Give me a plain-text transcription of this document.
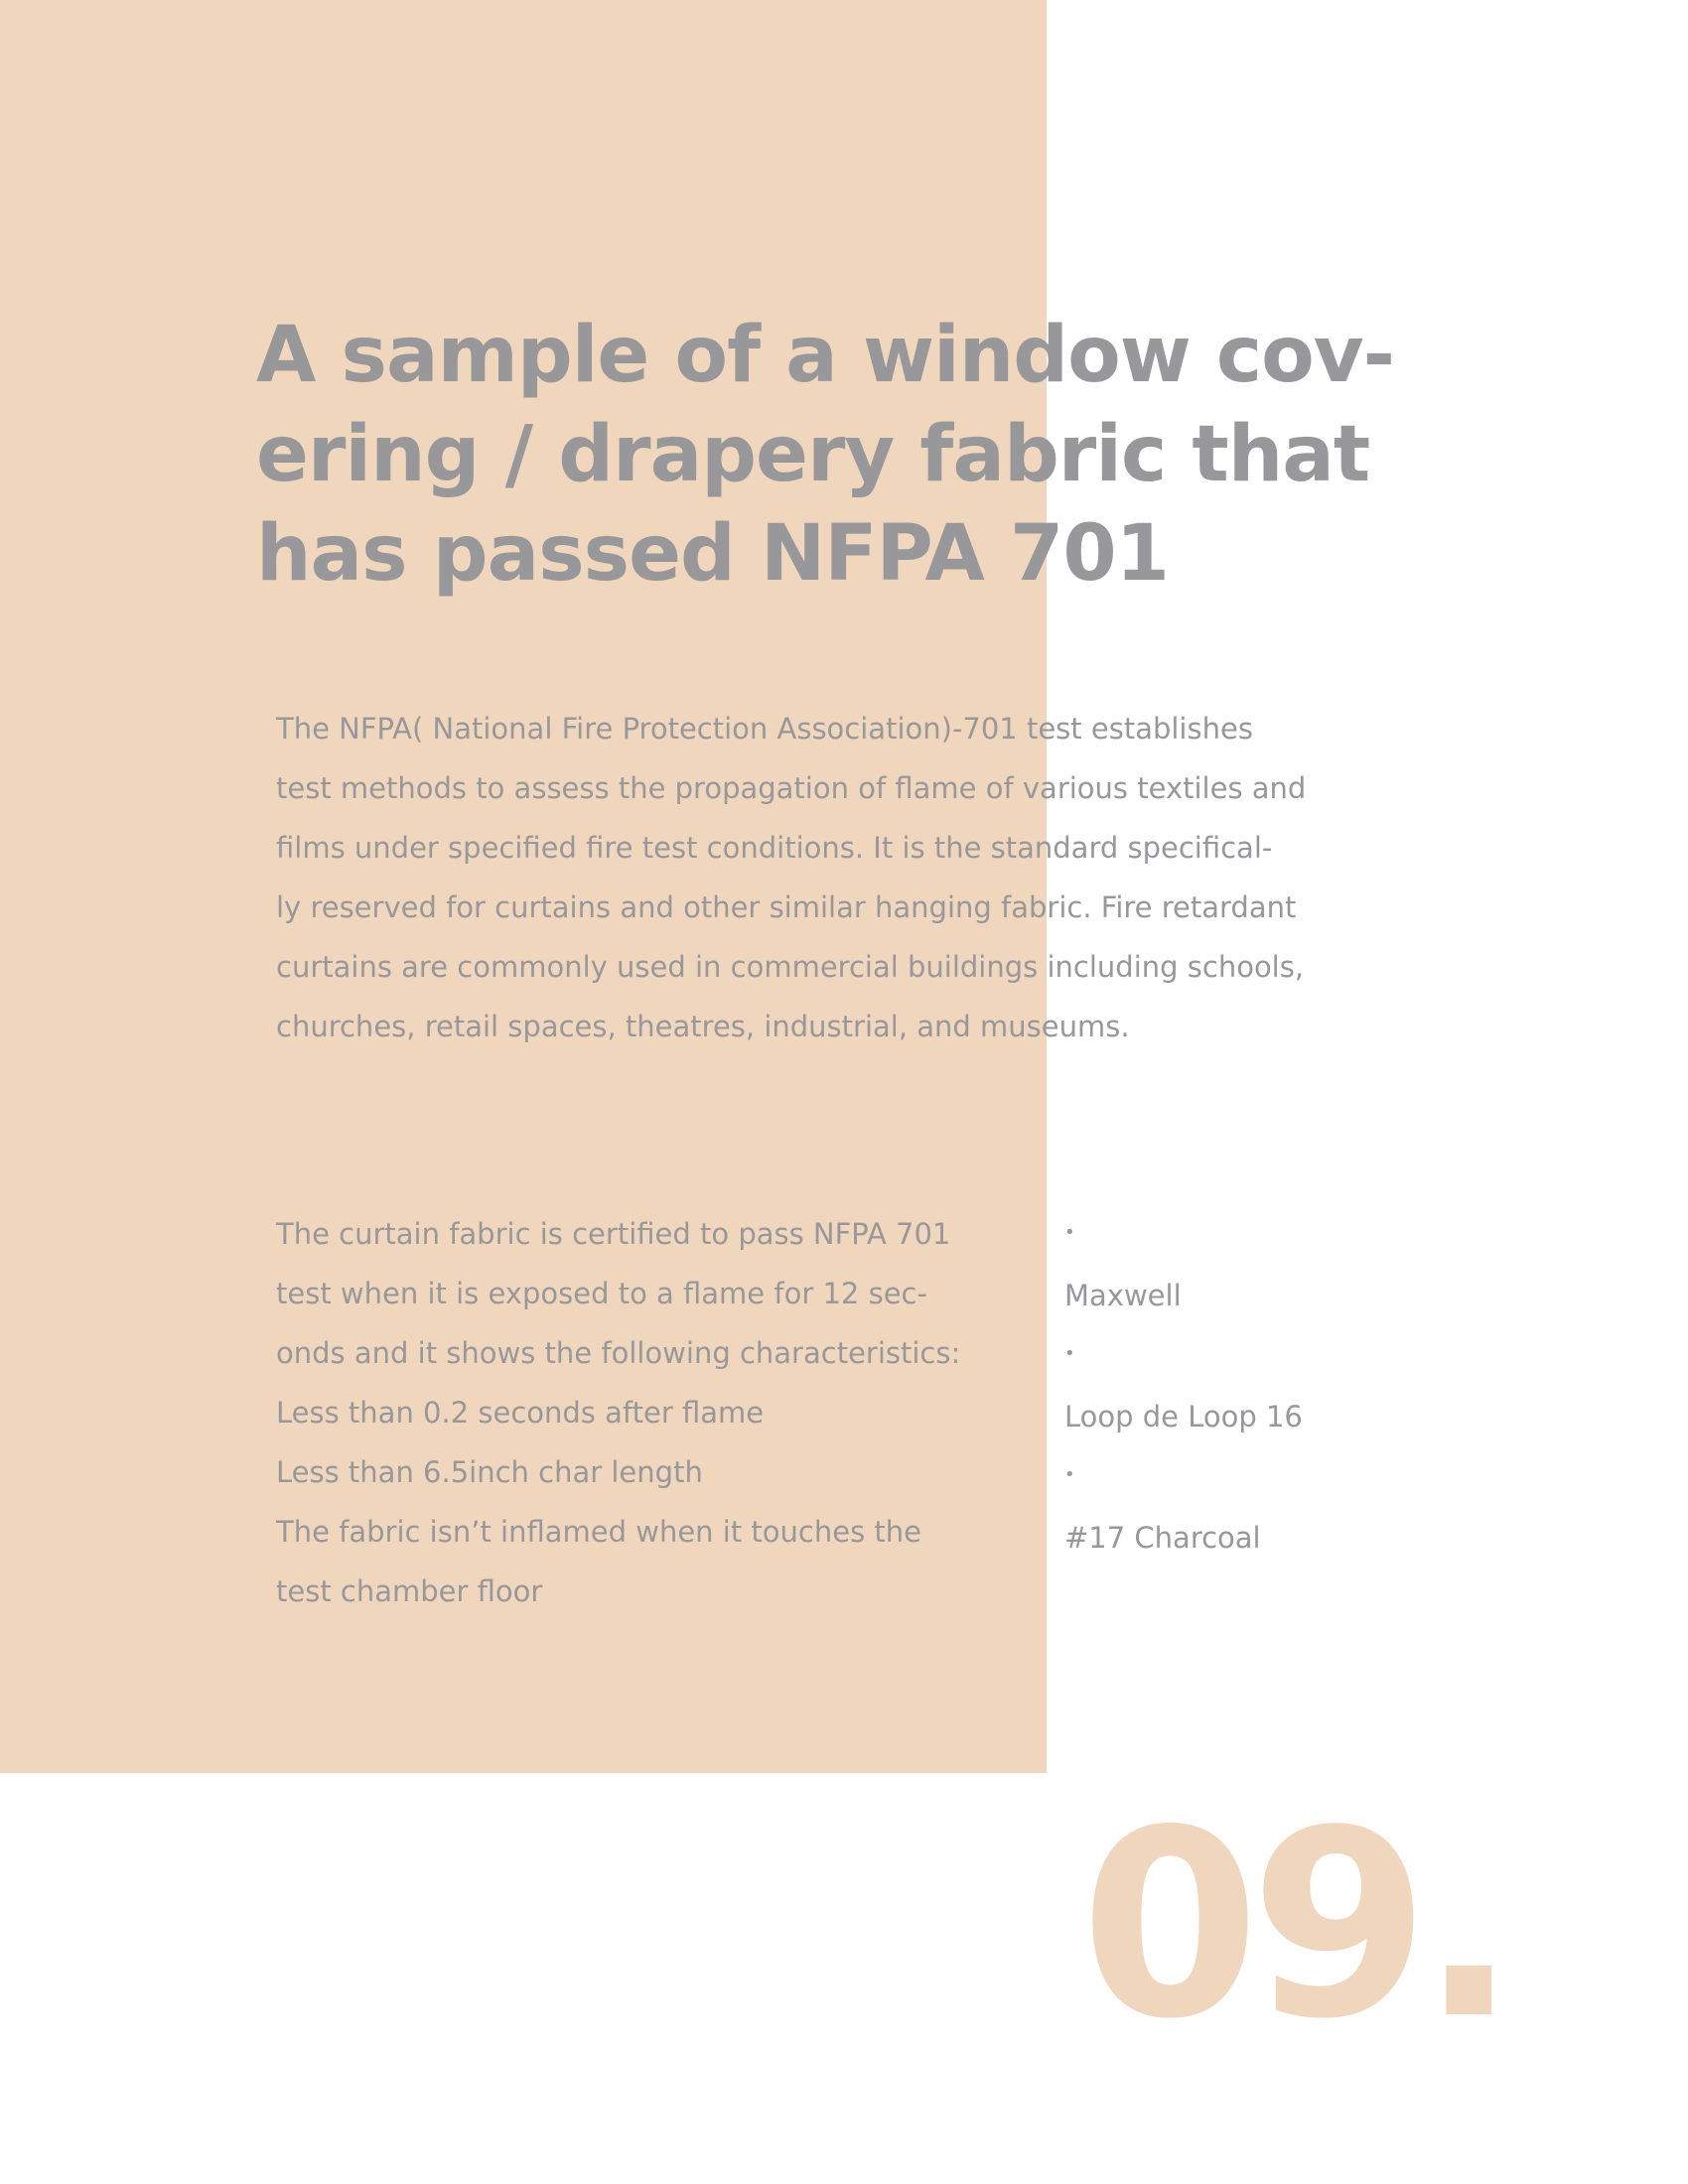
A sample of a window cov-
ering / drapery fabric that
has passed NFPA 701
The NFPA( National Fire Protection Association)-701 test establishes
test methods to assess the propagation of flame of various textiles and
films under specified fire test conditions. It is the standard specifical-
ly reserved for curtains and other similar hanging fabric. Fire retardant
curtains are commonly used in commercial buildings including schools,
churches, retail spaces, theatres, industrial, and museums.
The curtain fabric is certified to pass NFPA 701
test when it is exposed to a flame for 12 sec-
onds and it shows the following characteristics:
Less than 0.2 seconds after flame
Less than 6.5inch char length
The fabric isn’t inflamed when it touches the
test chamber floor
•
Maxwell
•
Loop de Loop 16
•
#17 Charcoal
09.
